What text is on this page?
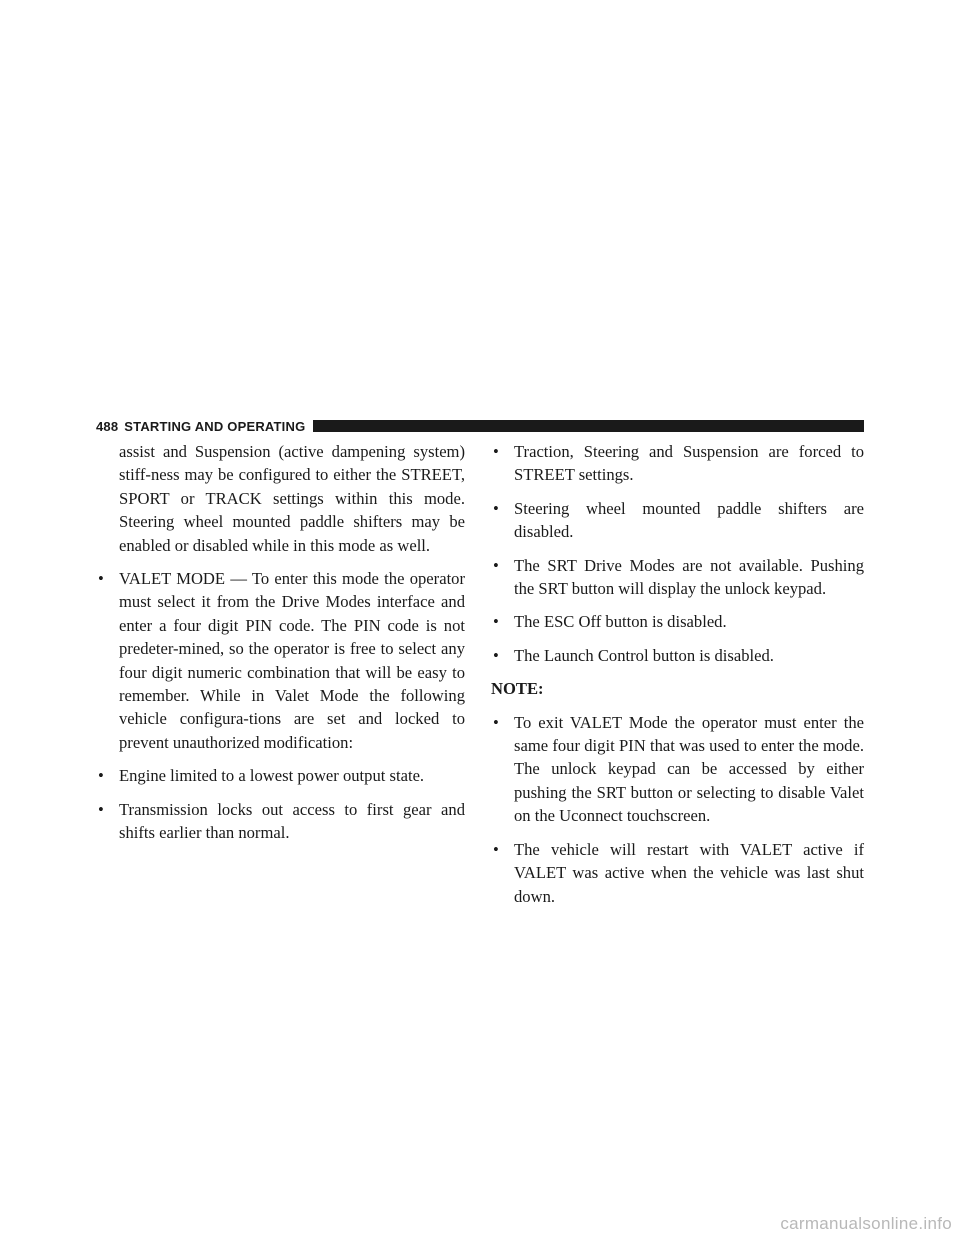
488 STARTING AND OPERATING

assist and Suspension (active dampening system) stiff-ness may be configured to either the STREET, SPORT or TRACK settings within this mode. Steering wheel mounted paddle shifters may be enabled or disabled while in this mode as well.

• VALET MODE — To enter this mode the operator must select it from the Drive Modes interface and enter a four digit PIN code. The PIN code is not predeter-mined, so the operator is free to select any four digit numeric combination that will be easy to remember. While in Valet Mode the following vehicle configura-tions are set and locked to prevent unauthorized modification:
• Engine limited to a lowest power output state.
• Transmission locks out access to first gear and shifts earlier than normal.
• Traction, Steering and Suspension are forced to STREET settings.
• Steering wheel mounted paddle shifters are disabled.
• The SRT Drive Modes are not available. Pushing the SRT button will display the unlock keypad.
• The ESC Off button is disabled.
• The Launch Control button is disabled.

NOTE:

• To exit VALET Mode the operator must enter the same four digit PIN that was used to enter the mode. The unlock keypad can be accessed by either pushing the SRT button or selecting to disable Valet on the Uconnect touchscreen.
• The vehicle will restart with VALET active if VALET was active when the vehicle was last shut down.
carmanualsonline.info
